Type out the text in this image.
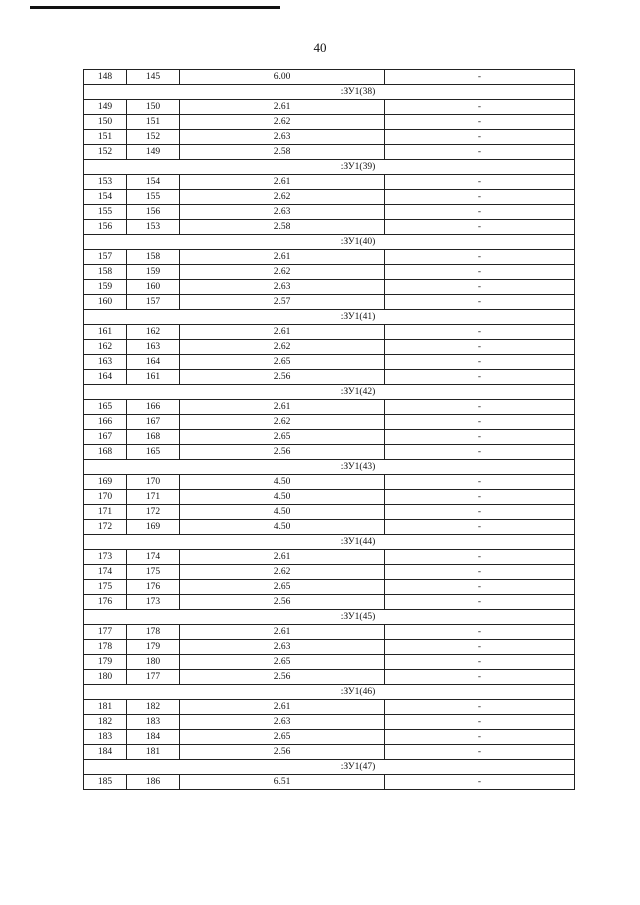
40
148	145	6.00	-
:ЗУ1(38)			
149	150	2.61	-
150	151	2.62	-
151	152	2.63	-
152	149	2.58	-
:ЗУ1(39)			
153	154	2.61	-
154	155	2.62	-
155	156	2.63	-
156	153	2.58	-
:ЗУ1(40)			
157	158	2.61	-
158	159	2.62	-
159	160	2.63	-
160	157	2.57	-
:ЗУ1(41)			
161	162	2.61	-
162	163	2.62	-
163	164	2.65	-
164	161	2.56	-
:ЗУ1(42)			
165	166	2.61	-
166	167	2.62	-
167	168	2.65	-
168	165	2.56	-
:ЗУ1(43)			
169	170	4.50	-
170	171	4.50	-
171	172	4.50	-
172	169	4.50	-
:ЗУ1(44)			
173	174	2.61	-
174	175	2.62	-
175	176	2.65	-
176	173	2.56	-
:ЗУ1(45)			
177	178	2.61	-
178	179	2.63	-
179	180	2.65	-
180	177	2.56	-
:ЗУ1(46)			
181	182	2.61	-
182	183	2.63	-
183	184	2.65	-
184	181	2.56	-
:ЗУ1(47)			
185	186	6.51	-
